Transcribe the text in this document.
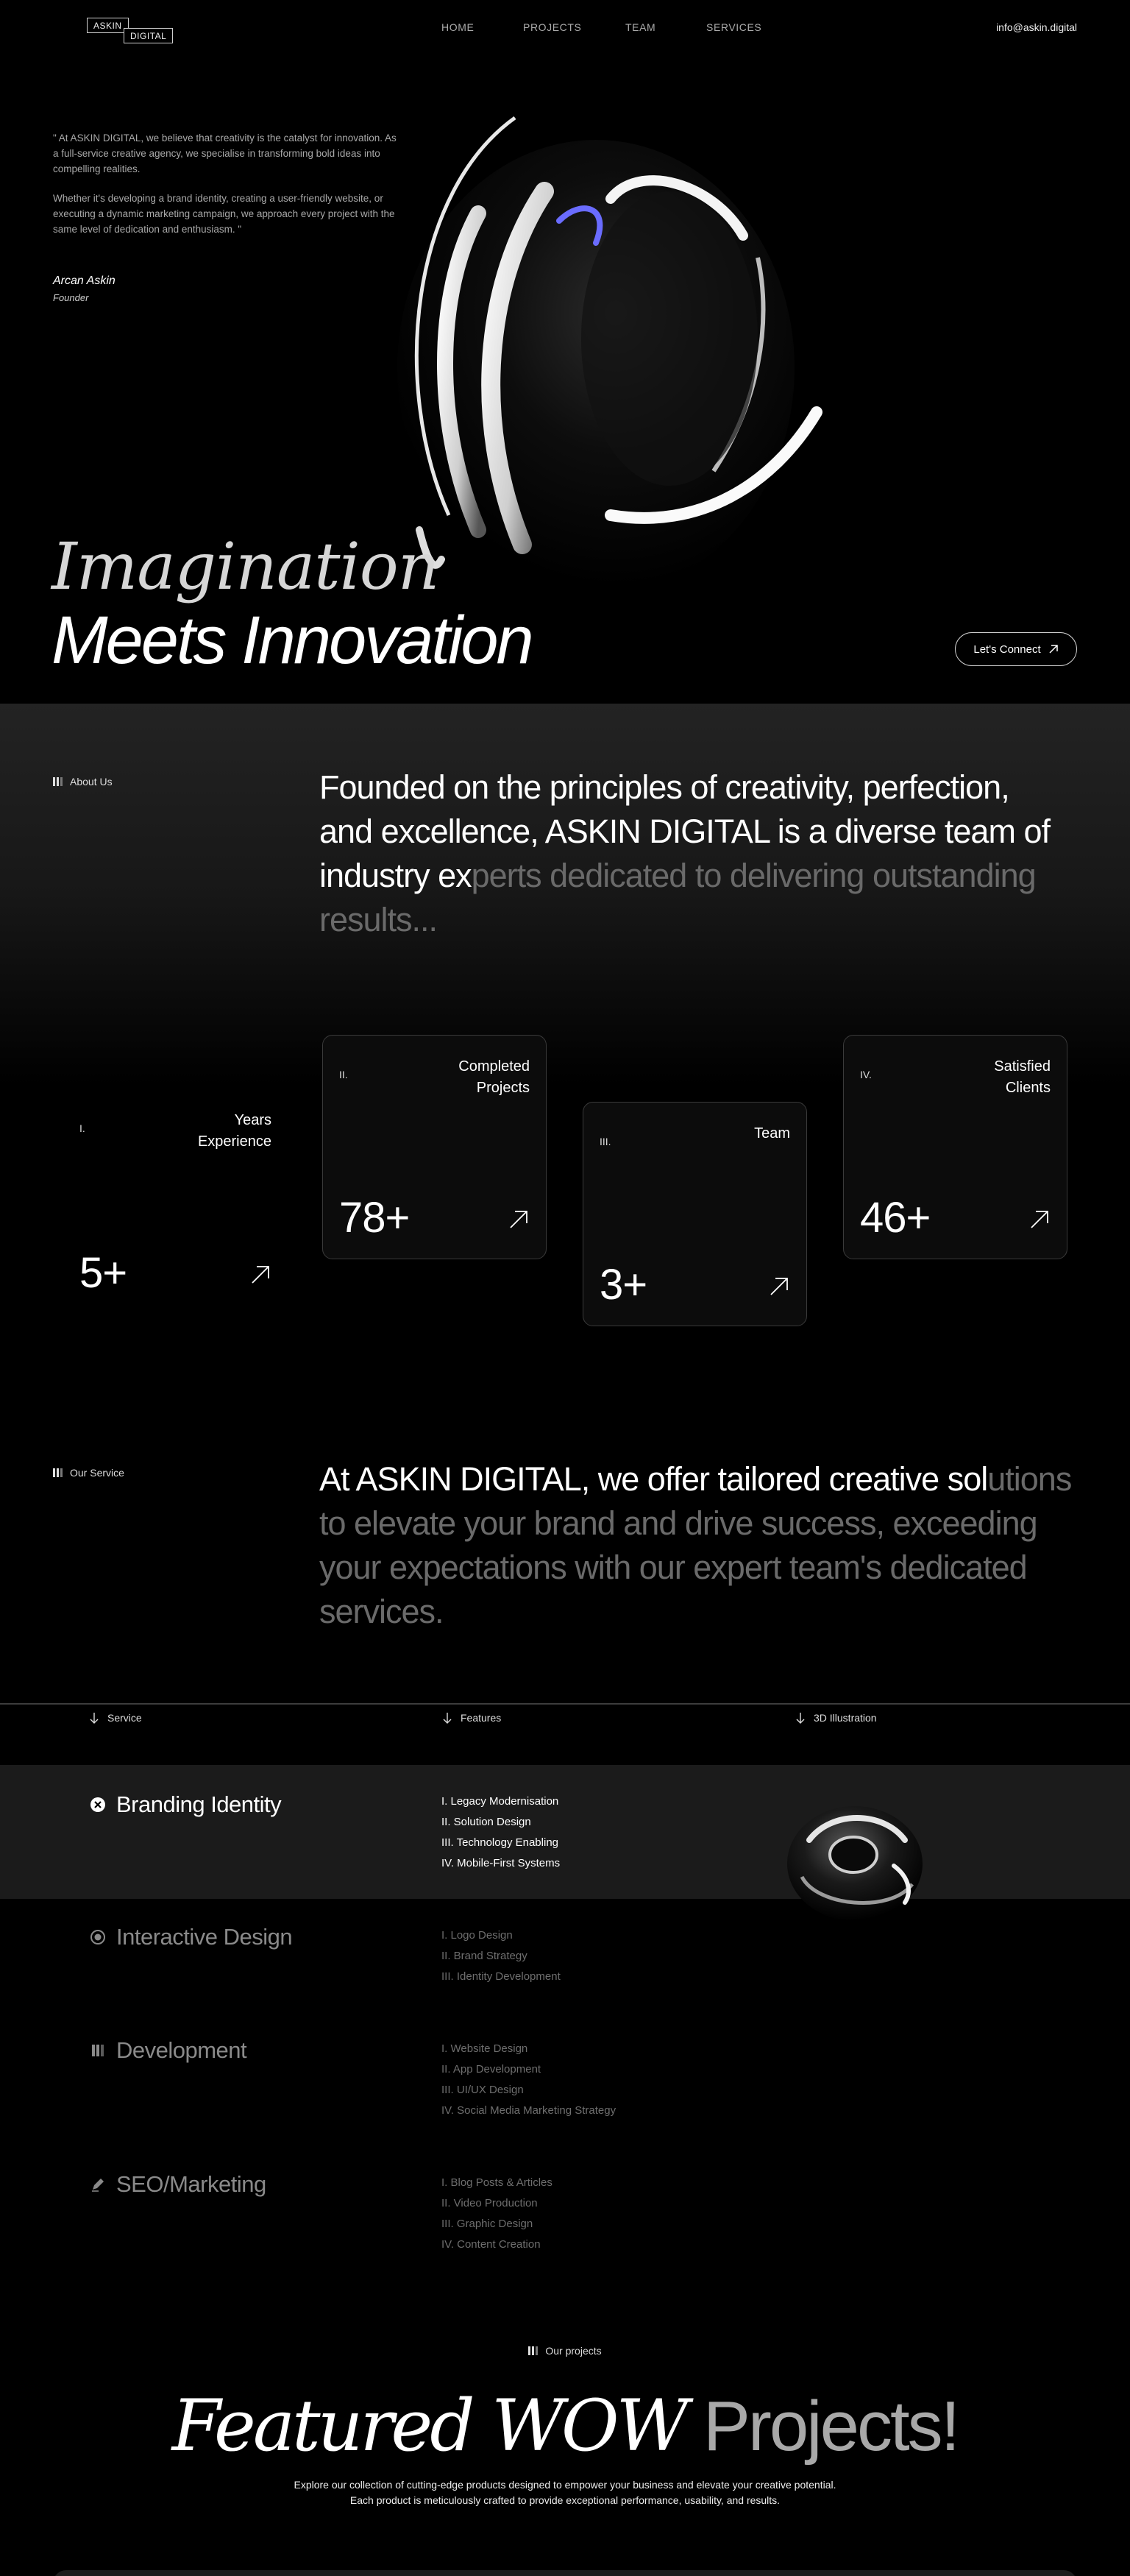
ASKIN
DIGITAL
HOME	PROJECTS	TEAM	SERVICES	info@askin.digital

" At ASKIN DIGITAL, we believe that creativity is the catalyst for innovation. As a full-service creative agency, we specialise in transforming bold ideas into compelling realities.

Whether it's developing a brand identity, creating a user-friendly website, or executing a dynamic marketing campaign, we approach every project with the same level of dedication and enthusiasm. "

Arcan Askin
Founder
Imagination
Meets Innovation	Let's Connect
About Us	Founded on the principles of creativity, perfection, and excellence, ASKIN DIGITAL is a diverse team of industry experts dedicated to delivering outstanding results...
I.	Years Experience
5+
II.	Completed Projects
78+
III.	Team
3+
IV.	Satisfied Clients
46+
Our Service	At ASKIN DIGITAL, we offer tailored creative solutions to elevate your brand and drive success, exceeding your expectations with our expert team's dedicated services.
Service	Features	3D Illustration
Branding Identity	I. Legacy Modernisation
II. Solution Design
III. Technology Enabling
IV. Mobile-First Systems
Interactive Design	I. Logo Design
II. Brand Strategy
III. Identity Development
Development	I. Website Design
II. App Development
III. UI/UX Design
IV. Social Media Marketing Strategy
SEO/Marketing	I. Blog Posts & Articles
II. Video Production
III. Graphic Design
IV. Content Creation
Our projects
Featured WOW Projects!
Explore our collection of cutting-edge products designed to empower your business and elevate your creative potential.
Each product is meticulously crafted to provide exceptional performance, usability, and results.
